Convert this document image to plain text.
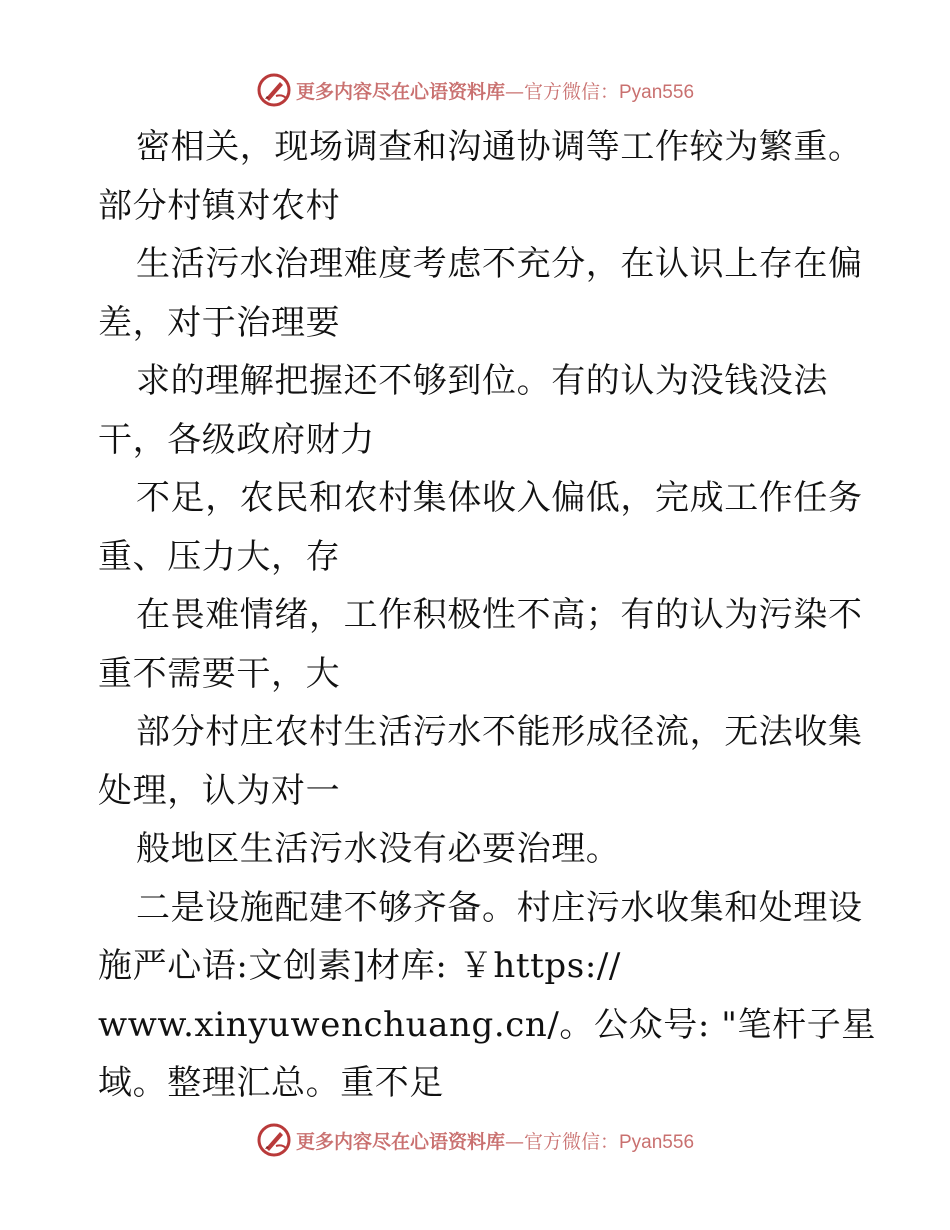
更多内容尽在心语资料库—官方微信：Pyan556
密相关，现场调查和沟通协调等工作较为繁重。
部分村镇对农村
生活污水治理难度考虑不充分，在认识上存在偏
差，对于治理要
求的理解把握还不够到位。有的认为没钱没法
干，各级政府财力
不足，农民和农村集体收入偏低，完成工作任务
重、压力大，存
在畏难情绪，工作积极性不高；有的认为污染不
重不需要干，大
部分村庄农村生活污水不能形成径流，无法收集
处理，认为对一
般地区生活污水没有必要治理。
二是设施配建不够齐备。村庄污水收集和处理设
施严心语:文创素]材库: ￥https://
www.xinyuwenchuang.cn/。公众号: "笔杆子星
域。整理汇总。重不足
更多内容尽在心语资料库—官方微信：Pyan556
